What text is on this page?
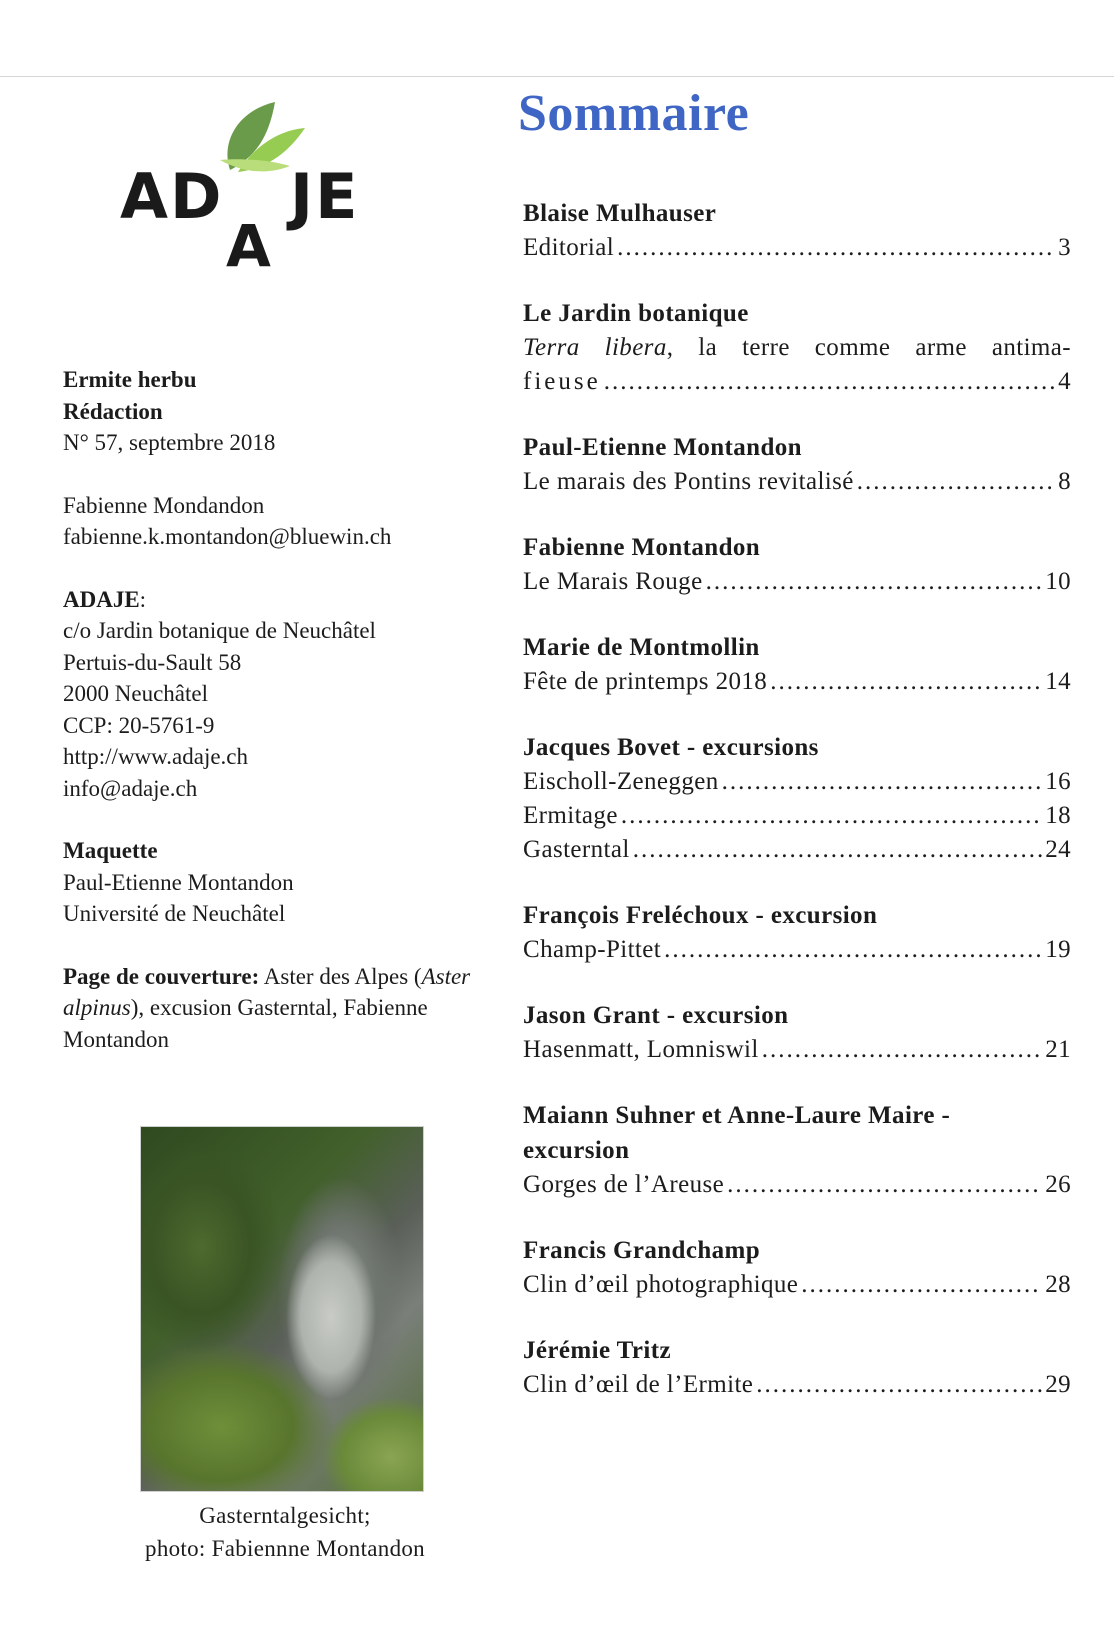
AD
A
JE

Ermite herbu

Rédaction

N° 57, septembre 2018

Fabienne Mondandon

fabienne.k.montandon@bluewin.ch

ADAJE:

c/o Jardin botanique de Neuchâtel

Pertuis-du-Sault 58

2000 Neuchâtel

CCP: 20-5761-9

http://www.adaje.ch

info@adaje.ch

Maquette

Paul-Etienne Montandon

Université de Neuchâtel

Page de couverture: Aster des Alpes (Aster alpinus), excusion Gasterntal, Fabienne Montandon

Gasterntalgesicht;
photo: Fabiennne Montandon
Sommaire
Blaise Mulhauser
Editorial .....	3
Le Jardin botanique
Terra libera, la terre comme arme antima-
fieuse .....	4
Paul-Etienne Montandon
Le marais des Pontins revitalisé .....	8
Fabienne Montandon
Le Marais Rouge .....	10
Marie de Montmollin
Fête de printemps 2018 .....	14
Jacques Bovet - excursions
Eischoll-Zeneggen .....	16
Ermitage .....	18
Gasterntal .....	24
François Freléchoux - excursion
Champ-Pittet .....	19
Jason Grant - excursion
Hasenmatt, Lomniswil .....	21
Maiann Suhner et Anne-Laure Maire -
excursion
Gorges de l’Areuse .....	26
Francis Grandchamp
Clin d’œil photographique .....	28
Jérémie Tritz
Clin d’œil de l’Ermite .....	29
